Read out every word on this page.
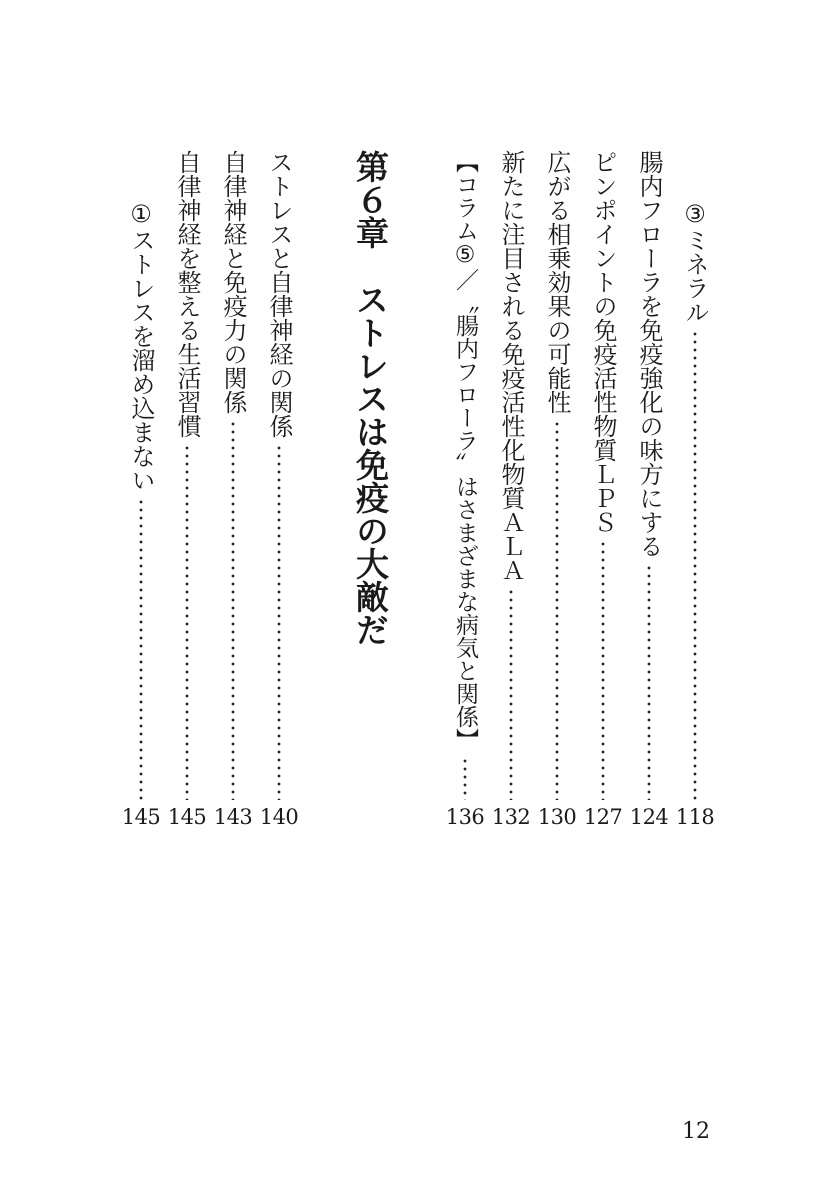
③ミネラル
118
腸内フローラを免疫強化の味方にする
124
ピンポイントの免疫活性物質ＬＰＳ
127
広がる相乗効果の可能性
130
新たに注目される免疫活性化物質ＡＬＡ
132
【コラム⑤／〝腸内フローラ〟はさまざまな病気と関係】
136
第６章ストレスは免疫の大敵だ
ストレスと自律神経の関係
140
自律神経と免疫力の関係
143
自律神経を整える生活習慣
145
①ストレスを溜め込まない
145
12
